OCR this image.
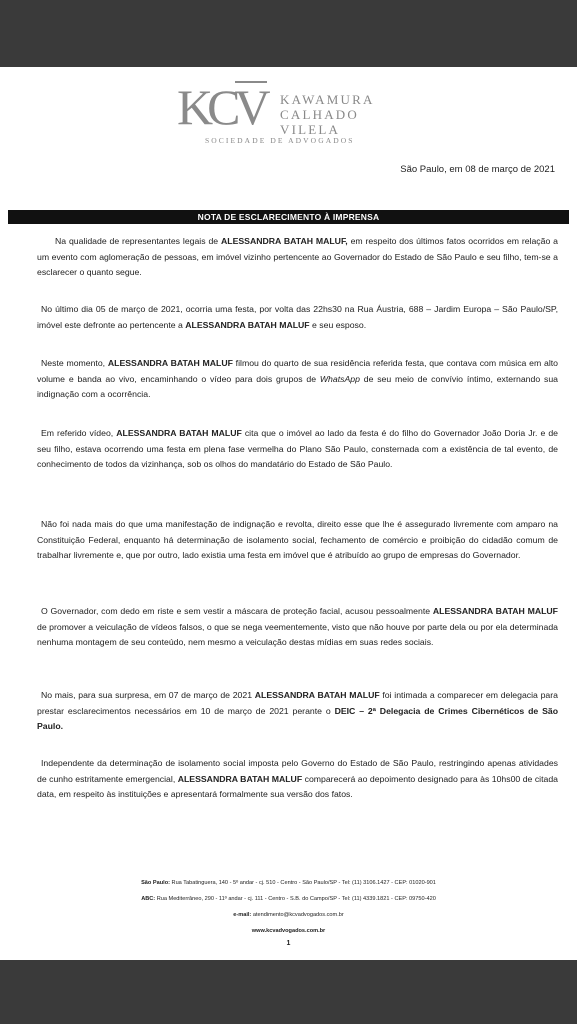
KCV	KAWAMURA
CALHADO
VILELA
SOCIEDADE DE ADVOGADOS
São Paulo, em 08 de março de 2021
NOTA DE ESCLARECIMENTO À IMPRENSA

Na qualidade de representantes legais de ALESSANDRA BATAH MALUF, em respeito dos últimos fatos ocorridos em relação a um evento com aglomeração de pessoas, em imóvel vizinho pertencente ao Governador do Estado de São Paulo e seu filho, tem-se a esclarecer o quanto segue.

No último dia 05 de março de 2021, ocorria uma festa, por volta das 22hs30 na Rua Áustria, 688 – Jardim Europa – São Paulo/SP, imóvel este defronte ao pertencente a ALESSANDRA BATAH MALUF e seu esposo.

Neste momento, ALESSANDRA BATAH MALUF filmou do quarto de sua residência referida festa, que contava com música em alto volume e banda ao vivo, encaminhando o vídeo para dois grupos de WhatsApp de seu meio de convívio íntimo, externando sua indignação com a ocorrência.

Em referido vídeo, ALESSANDRA BATAH MALUF cita que o imóvel ao lado da festa é do filho do Governador João Doria Jr. e de seu filho, estava ocorrendo uma festa em plena fase vermelha do Plano São Paulo, consternada com a existência de tal evento, de conhecimento de todos da vizinhança, sob os olhos do mandatário do Estado de São Paulo.

Não foi nada mais do que uma manifestação de indignação e revolta, direito esse que lhe é assegurado livremente com amparo na Constituição Federal, enquanto há determinação de isolamento social, fechamento de comércio e proibição do cidadão comum de trabalhar livremente e, que por outro, lado existia uma festa em imóvel que é atribuído ao grupo de empresas do Governador.

O Governador, com dedo em riste e sem vestir a máscara de proteção facial, acusou pessoalmente ALESSANDRA BATAH MALUF de promover a veiculação de vídeos falsos, o que se nega veementemente, visto que não houve por parte dela ou por ela determinada nenhuma montagem de seu conteúdo, nem mesmo a veiculação destas mídias em suas redes sociais.

No mais, para sua surpresa, em 07 de março de 2021 ALESSANDRA BATAH MALUF foi intimada a comparecer em delegacia para prestar esclarecimentos necessários em 10 de março de 2021 perante o DEIC – 2ª Delegacia de Crimes Cibernéticos de São Paulo.

Independente da determinação de isolamento social imposta pelo Governo do Estado de São Paulo, restringindo apenas atividades de cunho estritamente emergencial, ALESSANDRA BATAH MALUF comparecerá ao depoimento designado para às 10hs00 de citada data, em respeito às instituições e apresentará formalmente sua versão dos fatos.

São Paulo: Rua Tabatinguera, 140 - 5º andar - cj. 510 - Centro - São Paulo/SP - Tel: (11) 3106.1427 - CEP: 01020-901
ABC: Rua Mediterrâneo, 290 - 11º andar - cj. 111 - Centro - S.B. do Campo/SP - Tel: (11) 4339.1821 - CEP: 09750-420
e-mail: atendimento@kcvadvogados.com.br
www.kcvadvogados.com.br
1
